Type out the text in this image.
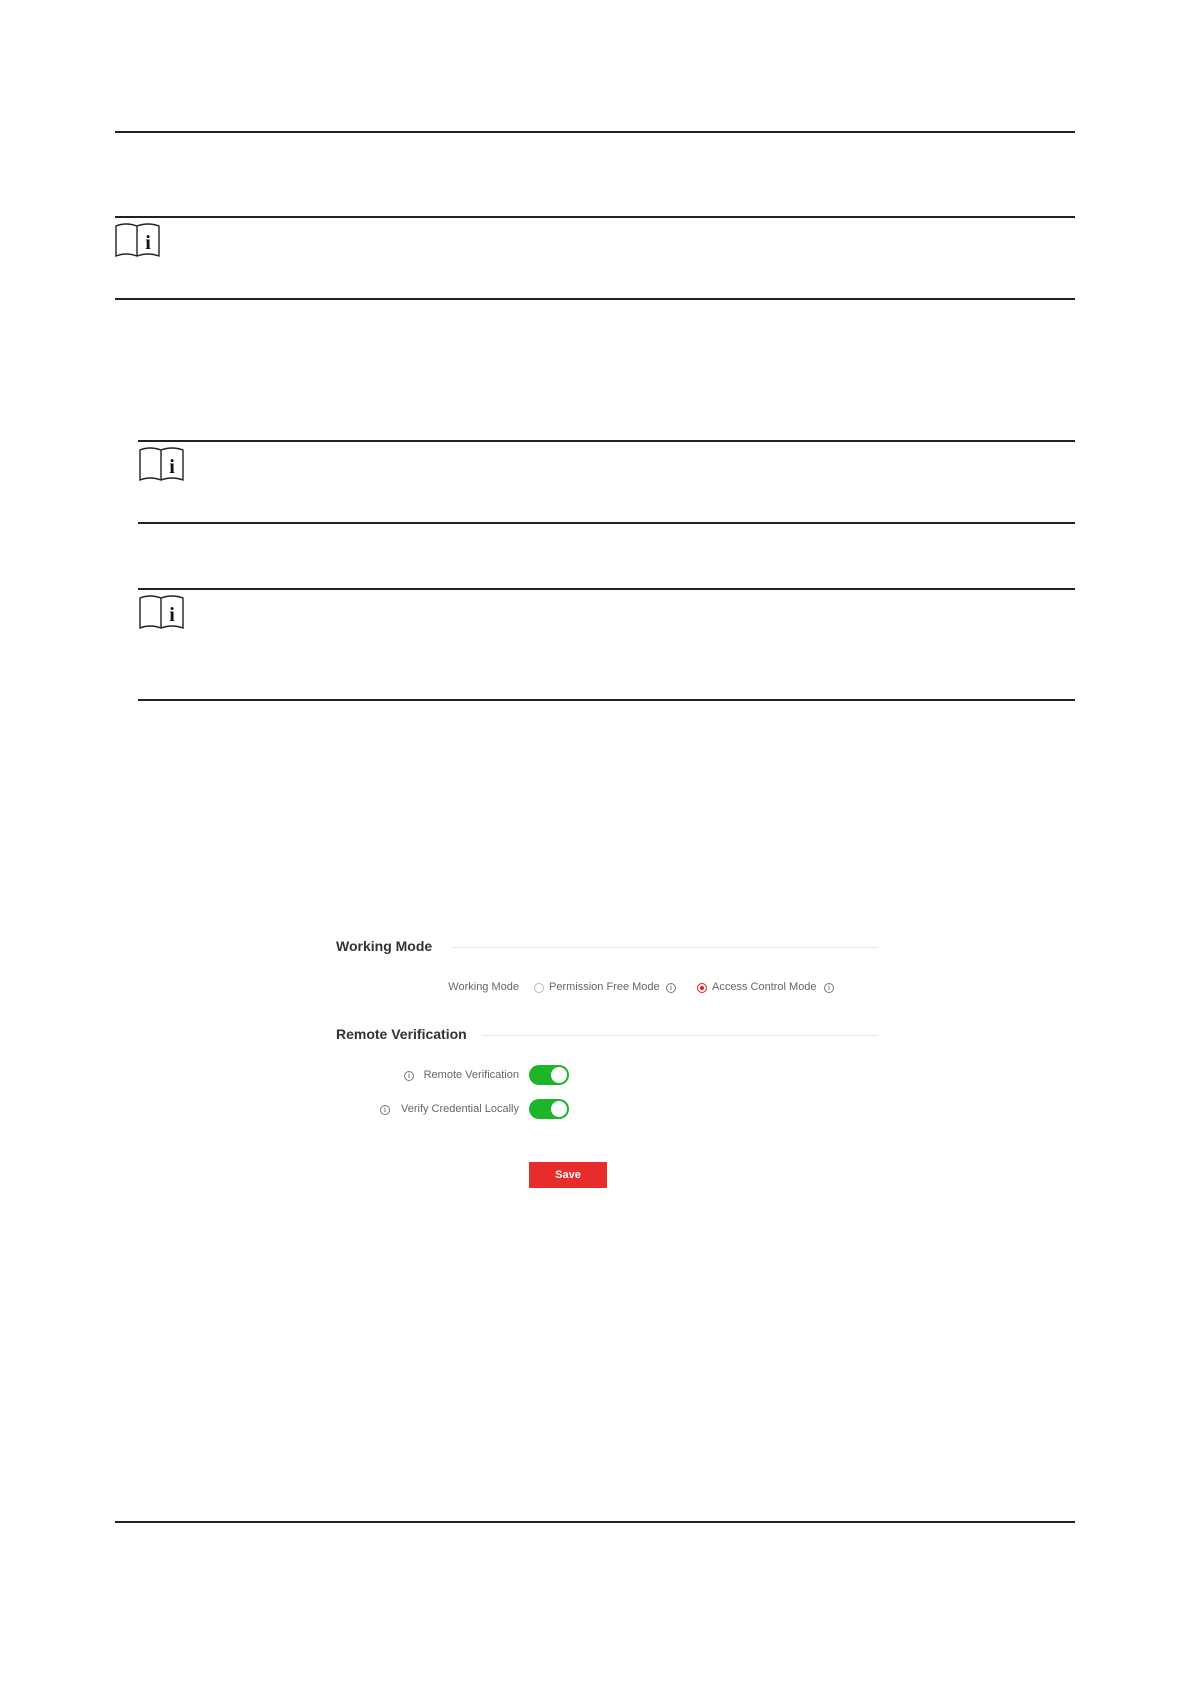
i
i
i
Working Mode
Working Mode	Permission Free Mode	i	Access Control Mode	i
Remote Verification
i	Remote Verification
i	Verify Credential Locally
Save
